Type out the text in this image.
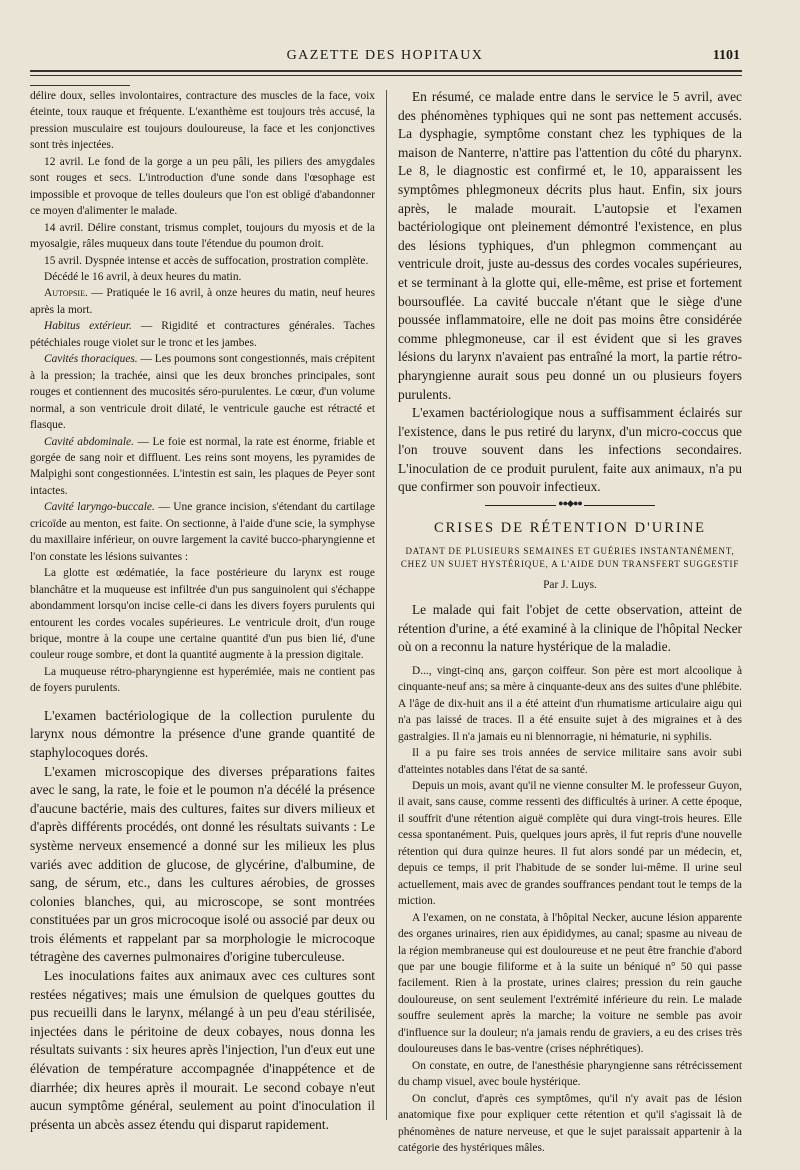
GAZETTE DES HOPITAUX	1101

délire doux, selles involontaires, contracture des muscles de la face, voix éteinte, toux rauque et fréquente. L'exanthème est toujours très accusé, la pression musculaire est toujours douloureuse, la face et les conjonctives sont très injectées.

12 avril. Le fond de la gorge a un peu pâli, les piliers des amygdales sont rouges et secs. L'introduction d'une sonde dans l'œsophage est impossible et provoque de telles douleurs que l'on est obligé d'abandonner ce moyen d'alimenter le malade.

14 avril. Délire constant, trismus complet, toujours du myosis et de la myosalgie, râles muqueux dans toute l'étendue du poumon droit.

15 avril. Dyspnée intense et accès de suffocation, prostration complète.

Décédé le 16 avril, à deux heures du matin.

Autopsie. — Pratiquée le 16 avril, à onze heures du matin, neuf heures après la mort.

Habitus extérieur. — Rigidité et contractures générales. Taches pétéchiales rouge violet sur le tronc et les jambes.

Cavités thoraciques. — Les poumons sont congestionnés, mais crépitent à la pression; la trachée, ainsi que les deux bronches principales, sont rouges et contiennent des mucosités séro-purulentes. Le cœur, d'un volume normal, a son ventricule droit dilaté, le ventricule gauche est rétracté et flasque.

Cavité abdominale. — Le foie est normal, la rate est énorme, friable et gorgée de sang noir et diffluent. Les reins sont moyens, les pyramides de Malpighi sont congestionnées. L'intestin est sain, les plaques de Peyer sont intactes.

Cavité laryngo-buccale. — Une grance incision, s'étendant du cartilage cricoïde au menton, est faite. On sectionne, à l'aide d'une scie, la symphyse du maxillaire inférieur, on ouvre largement la cavité bucco-pharyngienne et l'on constate les lésions suivantes :

La glotte est œdématiée, la face postérieure du larynx est rouge blanchâtre et la muqueuse est infiltrée d'un pus sanguinolent qui s'échappe abondamment lorsqu'on incise celle-ci dans les divers foyers purulents qui entourent les cordes vocales supérieures. Le ventricule droit, d'un rouge brique, montre à la coupe une certaine quantité d'un pus bien lié, d'une couleur rouge sombre, et dont la quantité augmente à la pression digitale.

La muqueuse rétro-pharyngienne est hyperémiée, mais ne contient pas de foyers purulents.

L'examen bactériologique de la collection purulente du larynx nous démontre la présence d'une grande quantité de staphylocoques dorés.

L'examen microscopique des diverses préparations faites avec le sang, la rate, le foie et le poumon n'a décélé la présence d'aucune bactérie, mais des cultures, faites sur divers milieux et d'après différents procédés, ont donné les résultats suivants : Le système nerveux ensemencé a donné sur les milieux les plus variés avec addition de glucose, de glycérine, d'albumine, de sang, de sérum, etc., dans les cultures aérobies, de grosses colonies blanches, qui, au microscope, se sont montrées constituées par un gros microcoque isolé ou associé par deux ou trois éléments et rappelant par sa morphologie le microcoque tétragène des cavernes pulmonaires d'origine tuberculeuse.

Les inoculations faites aux animaux avec ces cultures sont restées négatives; mais une émulsion de quelques gouttes du pus recueilli dans le larynx, mélangé à un peu d'eau stérilisée, injectées dans le péritoine de deux cobayes, nous donna les résultats suivants : six heures après l'injection, l'un d'eux eut une élévation de température accompagnée d'inappétence et de diarrhée; dix heures après il mourait. Le second cobaye n'eut aucun symptôme général, seulement au point d'inoculation il présenta un abcès assez étendu qui disparut rapidement.

En résumé, ce malade entre dans le service le 5 avril, avec des phénomènes typhiques qui ne sont pas nettement accusés. La dysphagie, symptôme constant chez les typhiques de la maison de Nanterre, n'attire pas l'attention du côté du pharynx. Le 8, le diagnostic est confirmé et, le 10, apparaissent les symptômes phlegmoneux décrits plus haut. Enfin, six jours après, le malade mourait. L'autopsie et l'examen bactériologique ont pleinement démontré l'existence, en plus des lésions typhiques, d'un phlegmon commençant au ventricule droit, juste au-dessus des cordes vocales supérieures, et se terminant à la glotte qui, elle-même, est prise et fortement boursouflée. La cavité buccale n'étant que le siège d'une poussée inflammatoire, elle ne doit pas moins être considérée comme phlegmoneuse, car il est évident que si les graves lésions du larynx n'avaient pas entraîné la mort, la partie rétro-pharyngienne aurait sous peu donné un ou plusieurs foyers purulents.

L'examen bactériologique nous a suffisamment éclairés sur l'existence, dans le pus retiré du larynx, d'un micro-coccus que l'on trouve souvent dans les infections secondaires. L'inoculation de ce produit purulent, faite aux animaux, n'a pu que confirmer son pouvoir infectieux.

●●◆●●
CRISES DE RÉTENTION D'URINE
DATANT DE PLUSIEURS SEMAINES ET GUÉRIES INSTANTANÉMENT, CHEZ UN SUJET HYSTÉRIQUE, A L'AIDE DUN TRANSFERT SUGGESTIF
Par J. Luys.

Le malade qui fait l'objet de cette observation, atteint de rétention d'urine, a été examiné à la clinique de l'hôpital Necker où on a reconnu la nature hystérique de la maladie.

D..., vingt-cinq ans, garçon coiffeur. Son père est mort alcoolique à cinquante-neuf ans; sa mère à cinquante-deux ans des suites d'une phlébite. A l'âge de dix-huit ans il a été atteint d'un rhumatisme articulaire aigu qui n'a pas laissé de traces. Il a été ensuite sujet à des migraines et à des gastralgies. Il n'a jamais eu ni blennorragie, ni hématurie, ni syphilis.

Il a pu faire ses trois années de service militaire sans avoir subi d'atteintes notables dans l'état de sa santé.

Depuis un mois, avant qu'il ne vienne consulter M. le professeur Guyon, il avait, sans cause, comme ressenti des difficultés à uriner. A cette époque, il souffrit d'une rétention aiguë complète qui dura vingt-trois heures. Elle cessa spontanément. Puis, quelques jours après, il fut repris d'une nouvelle rétention qui dura quinze heures. Il fut alors sondé par un médecin, et, depuis ce temps, il prit l'habitude de se sonder lui-même. Il urine seul actuellement, mais avec de grandes souffrances pendant tout le temps de la miction.

A l'examen, on ne constata, à l'hôpital Necker, aucune lésion apparente des organes urinaires, rien aux épididymes, au canal; spasme au niveau de la région membraneuse qui est douloureuse et ne peut être franchie d'abord que par une bougie filiforme et à la suite un béniqué n° 50 qui passe facilement. Rien à la prostate, urines claires; pression du rein gauche douloureuse, on sent seulement l'extrémité inférieure du rein. Le malade souffre seulement après la marche; la voiture ne semble pas avoir d'influence sur la douleur; n'a jamais rendu de graviers, a eu des crises très douloureuses dans le bas-ventre (crises néphrétiques).

On constate, en outre, de l'anesthésie pharyngienne sans rétrécissement du champ visuel, avec boule hystérique.

On conclut, d'après ces symptômes, qu'il n'y avait pas de lésion anatomique fixe pour expliquer cette rétention et qu'il s'agissait là de phénomènes de nature nerveuse, et que le sujet paraissait appartenir à la catégorie des hystériques mâles.
